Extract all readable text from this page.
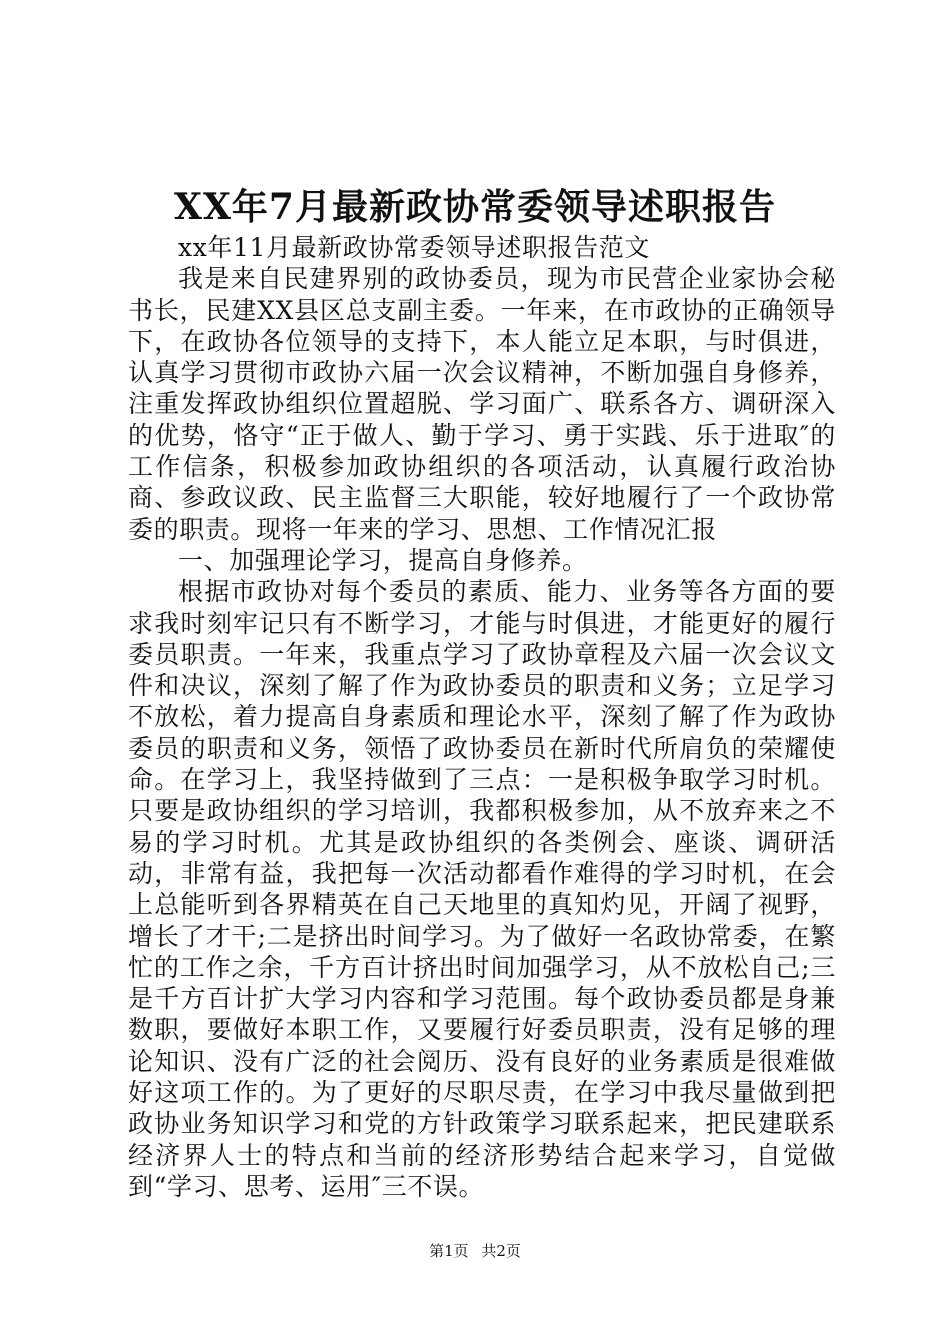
XX年7月最新政协常委领导述职报告

xx年11月最新政协常委领导述职报告范文

我是来自民建界别的政协委员，现为市民营企业家协会秘书长，民建XX县区总支副主委。一年来，在市政协的正确领导下，在政协各位领导的支持下，本人能立足本职，与时俱进，认真学习贯彻市政协六届一次会议精神，不断加强自身修养，注重发挥政协组织位置超脱、学习面广、联系各方、调研深入的优势，恪守“正于做人、勤于学习、勇于实践、乐于进取″的工作信条，积极参加政协组织的各项活动，认真履行政治协商、参政议政、民主监督三大职能，较好地履行了一个政协常委的职责。现将一年来的学习、思想、工作情况汇报

一、加强理论学习，提高自身修养。

根据市政协对每个委员的素质、能力、业务等各方面的要求我时刻牢记只有不断学习，才能与时俱进，才能更好的履行委员职责。一年来，我重点学习了政协章程及六届一次会议文件和决议，深刻了解了作为政协委员的职责和义务；立足学习不放松，着力提高自身素质和理论水平，深刻了解了作为政协委员的职责和义务，领悟了政协委员在新时代所肩负的荣耀使命。在学习上，我坚持做到了三点：一是积极争取学习时机。只要是政协组织的学习培训，我都积极参加，从不放弃来之不易的学习时机。尤其是政协组织的各类例会、座谈、调研活动，非常有益，我把每一次活动都看作难得的学习时机，在会上总能听到各界精英在自己天地里的真知灼见，开阔了视野，增长了才干;二是挤出时间学习。为了做好一名政协常委，在繁忙的工作之余，千方百计挤出时间加强学习，从不放松自己;三是千方百计扩大学习内容和学习范围。每个政协委员都是身兼数职，要做好本职工作，又要履行好委员职责，没有足够的理论知识、没有广泛的社会阅历、没有良好的业务素质是很难做好这项工作的。为了更好的尽职尽责，在学习中我尽量做到把政协业务知识学习和党的方针政策学习联系起来，把民建联系经济界人士的特点和当前的经济形势结合起来学习，自觉做到“学习、思考、运用″三不误。

第1页 共2页
